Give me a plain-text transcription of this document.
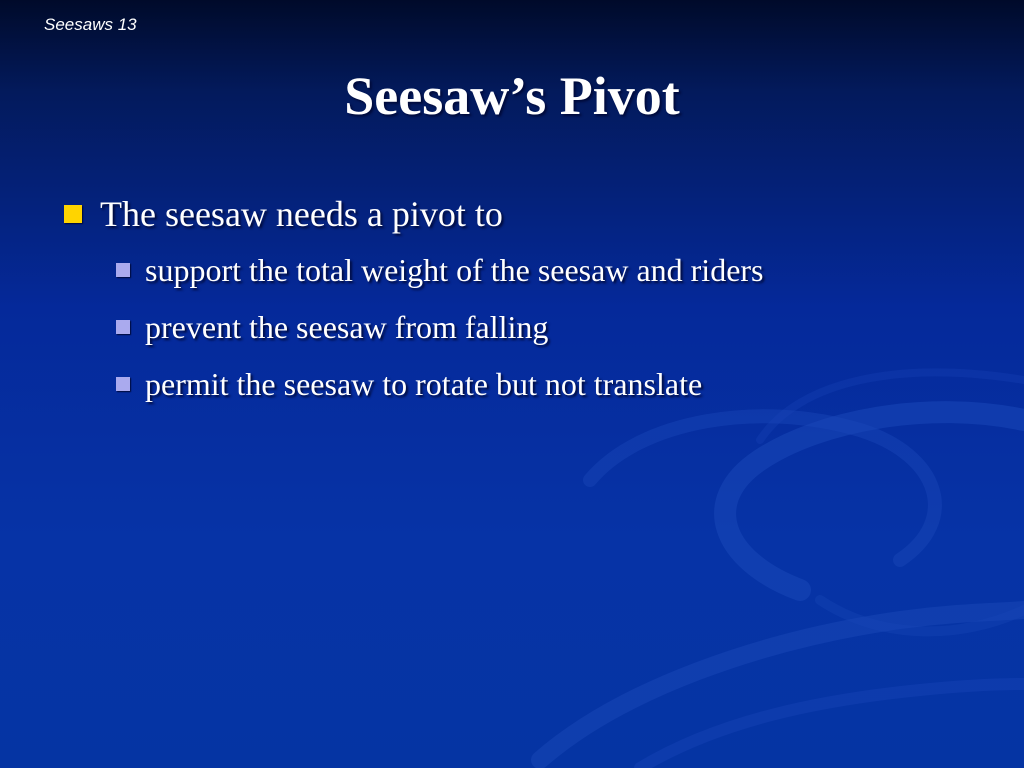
Seesaws 13

Seesaw’s Pivot
The seesaw needs a pivot to
support the total weight of the seesaw and riders
prevent the seesaw from falling
permit the seesaw to rotate but not translate
